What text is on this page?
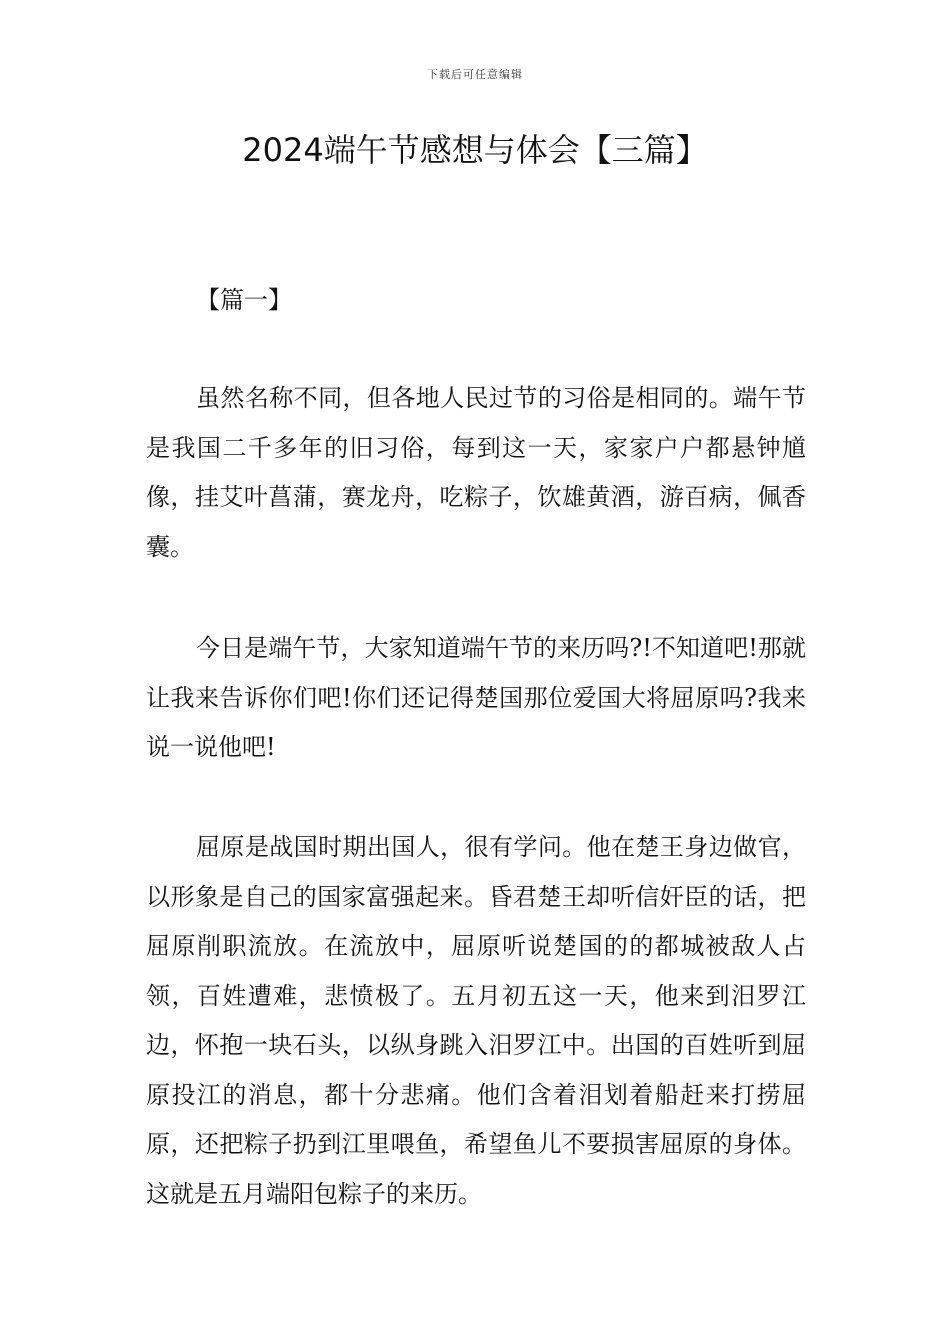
下载后可任意编辑
2024端午节感想与体会【三篇】
【篇一】

虽然名称不同，但各地人民过节的习俗是相同的。端午节是我国二千多年的旧习俗，每到这一天，家家户户都悬钟馗像，挂艾叶菖蒲，赛龙舟，吃粽子，饮雄黄酒，游百病，佩香囊。

今日是端午节，大家知道端午节的来历吗?!不知道吧!那就让我来告诉你们吧!你们还记得楚国那位爱国大将屈原吗?我来说一说他吧!

屈原是战国时期出国人，很有学问。他在楚王身边做官，以形象是自己的国家富强起来。昏君楚王却听信奸臣的话，把屈原削职流放。在流放中，屈原听说楚国的的都城被敌人占领，百姓遭难，悲愤极了。五月初五这一天，他来到汨罗江边，怀抱一块石头，以纵身跳入汨罗江中。出国的百姓听到屈原投江的消息，都十分悲痛。他们含着泪划着船赶来打捞屈原，还把粽子扔到江里喂鱼，希望鱼儿不要损害屈原的身体。这就是五月端阳包粽子的来历。
